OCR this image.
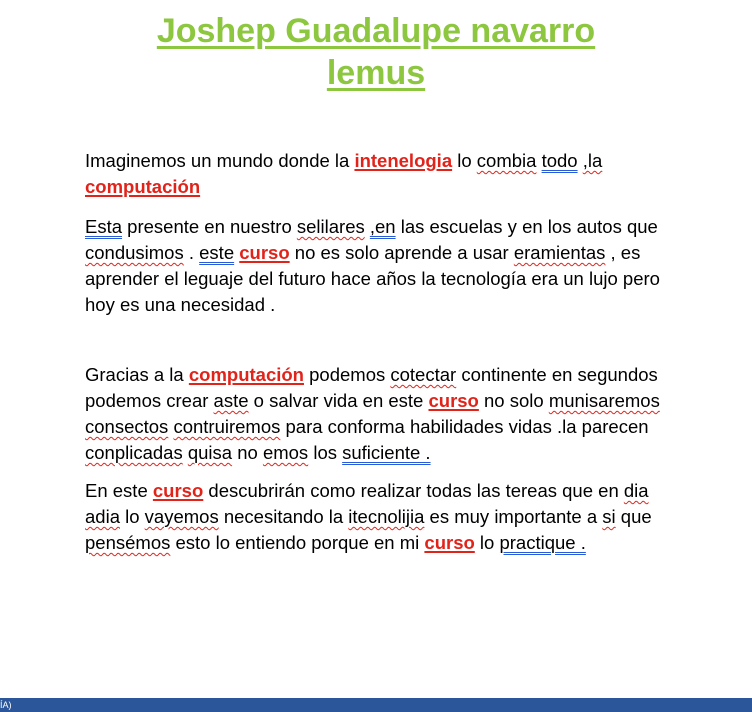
Joshep Guadalupe navarro
lemus

Imaginemos un mundo donde la intenelogia lo combia todo ,la computación

Esta presente en nuestro selilares ,en las escuelas y en los autos que condusimos . este curso no es solo aprende a usar eramientas , es aprender el leguaje del futuro hace años la tecnología era un lujo pero hoy es una necesidad .

Gracias a la computación podemos cotectar continente en segundos podemos crear aste o salvar vida en este curso no solo munisaremos consectos contruiremos para conforma habilidades vidas .la parecen conplicadas quisa no emos los suficiente .

En este curso descubrirán como realizar todas las tereas que en dia adia lo vayemos necesitando la itecnolijia es muy importante a si que pensémos esto lo entiendo porque en mi curso lo practique .

ÍA)
